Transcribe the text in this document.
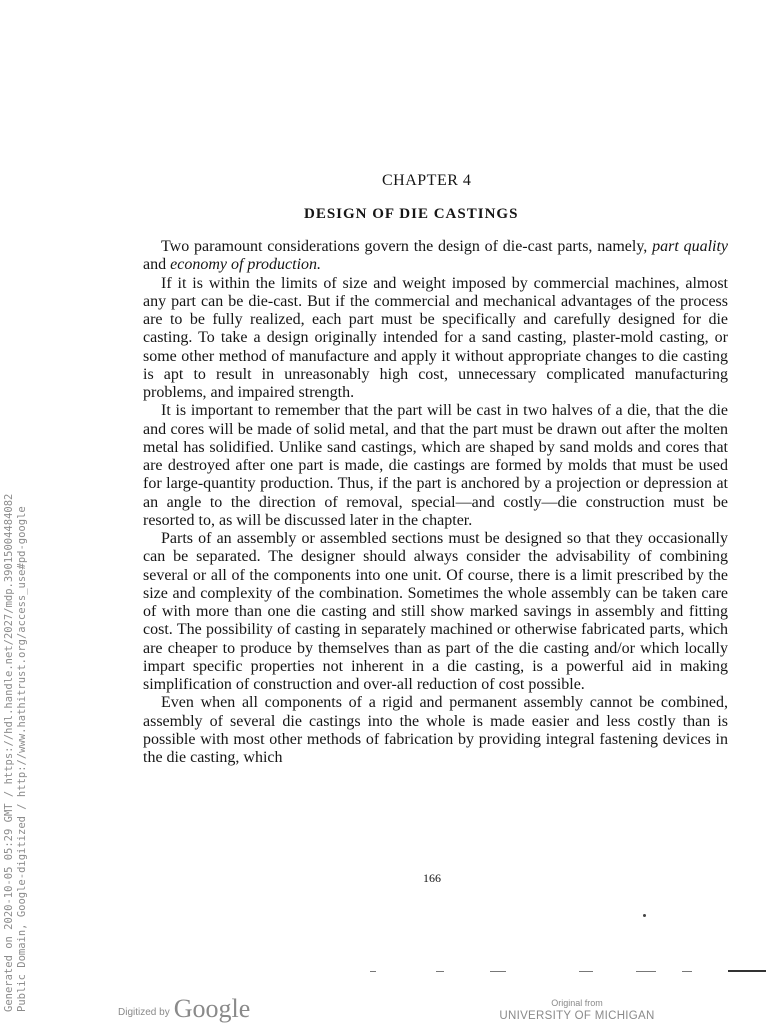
Generated on 2020-10-05 05:29 GMT / https://hdl.handle.net/2027/mdp.39015004484082 Public Domain, Google-digitized / http://www.hathitrust.org/access_use#pd-google
CHAPTER 4
DESIGN OF DIE CASTINGS

Two paramount considerations govern the design of die-cast parts, namely, part quality and economy of production.

If it is within the limits of size and weight imposed by commercial machines, almost any part can be die-cast. But if the commercial and mechanical advantages of the process are to be fully realized, each part must be specifically and carefully designed for die casting. To take a design originally intended for a sand casting, plaster-mold casting, or some other method of manufacture and apply it without appropriate changes to die casting is apt to result in unreasonably high cost, unnecessary complicated manufacturing problems, and impaired strength.

It is important to remember that the part will be cast in two halves of a die, that the die and cores will be made of solid metal, and that the part must be drawn out after the molten metal has solidified. Unlike sand castings, which are shaped by sand molds and cores that are destroyed after one part is made, die castings are formed by molds that must be used for large-quantity production. Thus, if the part is anchored by a projection or depression at an angle to the direction of removal, special—and costly—die construction must be resorted to, as will be discussed later in the chapter.

Parts of an assembly or assembled sections must be designed so that they occasionally can be separated. The designer should always consider the advisability of combining several or all of the components into one unit. Of course, there is a limit prescribed by the size and complexity of the combination. Sometimes the whole assembly can be taken care of with more than one die casting and still show marked savings in assembly and fitting cost. The possibility of casting in separately machined or otherwise fabricated parts, which are cheaper to produce by themselves than as part of the die casting and/or which locally impart specific properties not inherent in a die casting, is a powerful aid in making simplification of construction and over-all reduction of cost possible.

Even when all components of a rigid and permanent assembly cannot be combined, assembly of several die castings into the whole is made easier and less costly than is possible with most other methods of fabrication by providing integral fastening devices in the die casting, which

166
Digitized by Google	Original from
UNIVERSITY OF MICHIGAN
